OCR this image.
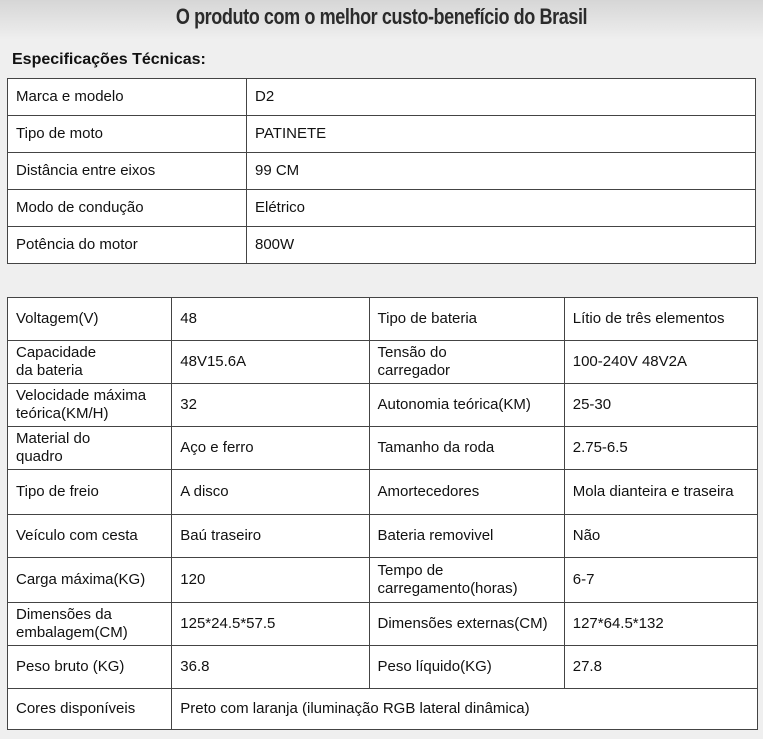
O produto com o melhor custo-benefício do Brasil
Especificações Técnicas:
Marca e modelo	D2
Tipo de moto	PATINETE
Distância entre eixos	99 CM
Modo de condução	Elétrico
Potência do motor	800W
Voltagem(V)	48	Tipo de bateria	Lítio de três elementos
Capacidade
da bateria	48V15.6A	Tensão do
carregador	100-240V 48V2A
Velocidade máxima
teórica(KM/H)	32	Autonomia teórica(KM)	25-30
Material do
quadro	Aço e ferro	Tamanho da roda	2.75-6.5
Tipo de freio	A disco	Amortecedores	Mola dianteira e traseira
Veículo com cesta	Baú traseiro	Bateria removivel	Não
Carga máxima(KG)	120	Tempo de
carregamento(horas)	6-7
Dimensões da
embalagem(CM)	125*24.5*57.5	Dimensões externas(CM)	127*64.5*132
Peso bruto (KG)	36.8	Peso líquido(KG)	27.8
Cores disponíveis	Preto com laranja (iluminação RGB lateral dinâmica)		
